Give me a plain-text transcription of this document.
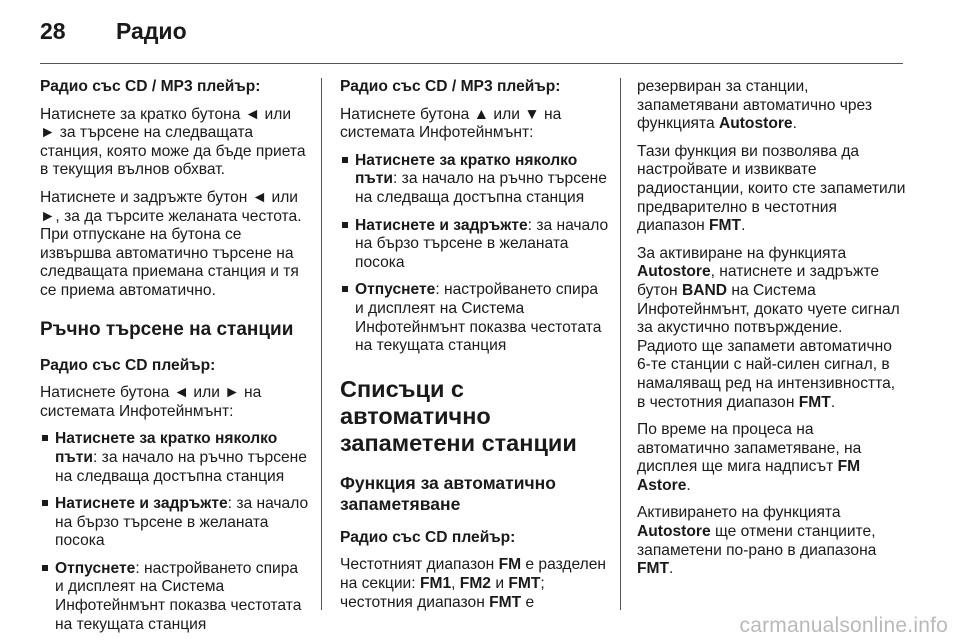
28	Радио

Радио със CD / MP3 плейър:

Натиснете за кратко бутона ◄ или ► за търсене на следващата станция, която може да бъде приета в текущия вълнов обхват.

Натиснете и задръжте бутон ◄ или ►, за да търсите желаната честота. При отпускане на бутона се извършва автоматично търсене на следващата приемана станция и тя се приема автоматично.

Ръчно търсене на станции

Радио със CD плейър:

Натиснете бутона ◄ или ► на системата Инфотейнмънт:

Натиснете за кратко няколко пъти: за начало на ръчно търсене на следваща достъпна станция
Натиснете и задръжте: за начало на бързо търсене в желаната посока
Отпуснете: настройването спира и дисплеят на Система Инфотейнмънт показва честотата на текущата станция

Радио със CD / MP3 плейър:

Натиснете бутона ▲ или ▼ на системата Инфотейнмънт:

Натиснете за кратко няколко пъти: за начало на ръчно търсене на следваща достъпна станция
Натиснете и задръжте: за начало на бързо търсене в желаната посока
Отпуснете: настройването спира и дисплеят на Система Инфотейнмънт показва честотата на текущата станция
Списъци с автоматично запаметени станции
Функция за автоматично запаметяване

Радио със CD плейър:

Честотният диапазон FM е разделен на секции: FM1, FM2 и FMT; честотния диапазон FMT е

резервиран за станции, запаметявани автоматично чрез функцията Autostore.

Тази функция ви позволява да настройвате и извиквате радиостанции, които сте запаметили предварително в честотния диапазон FMT.

За активиране на функцията Autostore, натиснете и задръжте бутон BAND на Система Инфотейнмънт, докато чуете сигнал за акустично потвърждение. Радиото ще запамети автоматично 6-те станции с най-силен сигнал, в намаляващ ред на интензивността, в честотния диапазон FMT.

По време на процеса на автоматично запаметяване, на дисплея ще мига надписът FM Astore.

Активирането на функцията Autostore ще отмени станциите, запаметени по-рано в диапазона FMT.

carmanualsonline.info
